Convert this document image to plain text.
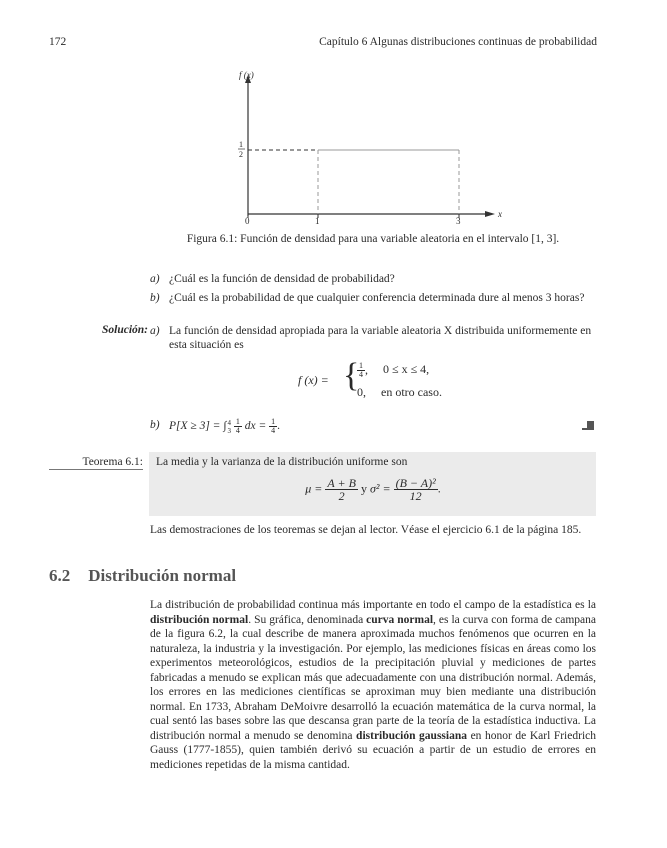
172	Capítulo 6 Algunas distribuciones continuas de probabilidad
f (x)
x
1
2
0	1	3
Figura 6.1: Función de densidad para una variable aleatoria en el intervalo [1, 3].
a) ¿Cuál es la función de densidad de probabilidad?
b) ¿Cuál es la probabilidad de que cualquier conferencia determinada dure al menos 3 horas?
Solución: a) La función de densidad apropiada para la variable aleatoria X distribuida uniformemente en esta situación es
f (x) = {
$\frac{1}{4}$ , 0 ≤ x ≤ 4,
0, en otro caso.
b) P[X ≥ 3] = ∫ 4
3
$\frac{1}{4}$ dx = $\frac{1}{4}$ .
Teorema 6.1: La media y la varianza de la distribución uniforme son
$\mu = \frac{A + B}{2}$ y $\sigma^2 = \frac{\text{(B − A)²}}{12}$ .
Las demostraciones de los teoremas se dejan al lector. Véase el ejercicio 6.1 de la página 185.
6.2 Distribución normal
La distribución de probabilidad continua más importante en todo el campo de la estadística es la distribución normal. Su gráfica, denominada curva normal, es la curva con forma de campana de la figura 6.2, la cual describe de manera aproximada muchos fenómenos que ocurren en la naturaleza, la industria y la investigación. Por ejemplo, las mediciones físicas en áreas como los experimentos meteorológicos, estudios de la precipitación pluvial y mediciones de partes fabricadas a menudo se explican más que adecuadamente con una distribución normal. Además, los errores en las mediciones científicas se aproximan muy bien mediante una distribución normal. En 1733, Abraham DeMoivre desarrolló la ecuación matemática de la curva normal, la cual sentó las bases sobre las que descansa gran parte de la teoría de la estadística inductiva. La distribución normal a menudo se denomina distribución gaussiana en honor de Karl Friedrich Gauss (1777-1855), quien también derivó su ecuación a partir de un estudio de errores en mediciones repetidas de la misma cantidad.
